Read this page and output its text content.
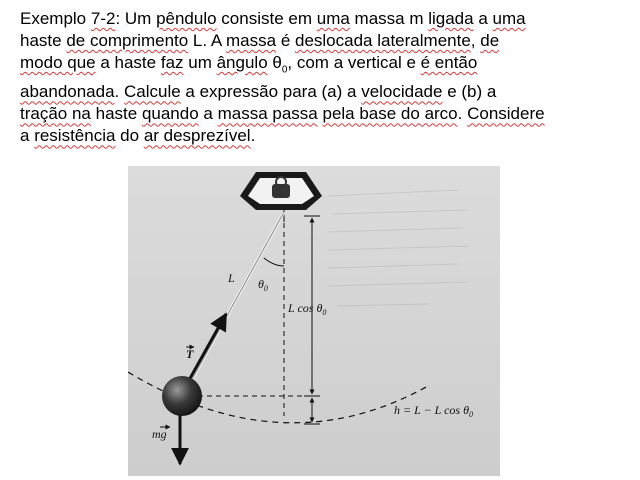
Exemplo 7-2: Um pêndulo consiste em uma massa m ligada a uma
haste de comprimento L. A massa é deslocada lateralmente, de
modo que a haste faz um ângulo $\theta_0$, com a vertical e é então
abandonada. Calcule a expressão para (a) a velocidade e (b) a
tração na haste quando a massa passa pela base do arco. Considere
a resistência do ar desprezível.
L $\theta_0$
L $\cos \theta_0$
T
mg
h = L − L $\cos \theta_0$
